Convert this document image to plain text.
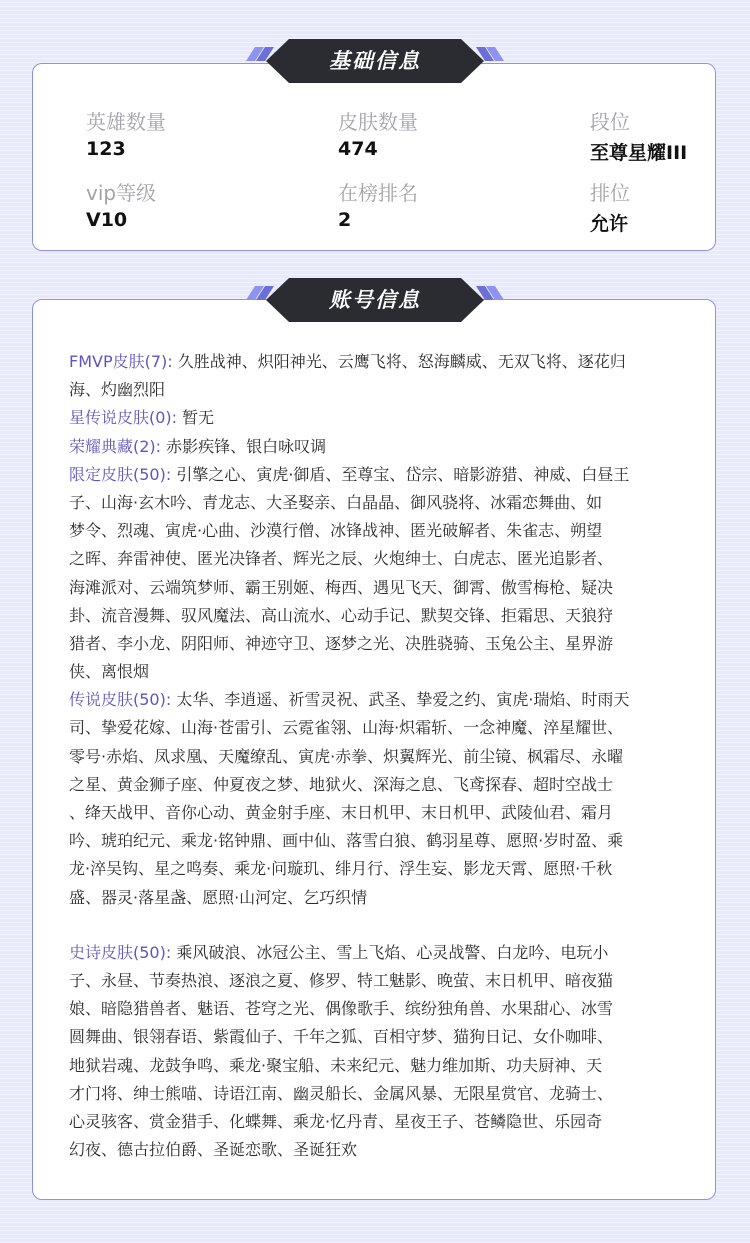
基础信息
英雄数量
123
皮肤数量
474
段位
至尊星耀III
vip等级
V10
在榜排名
2
排位
允许
FMVP皮肤(7): 久胜战神、炽阳神光、云鹰飞将、怒海麟威、无双飞将、逐花归
海、灼幽烈阳
星传说皮肤(0): 暂无
荣耀典藏(2): 赤影疾锋、银白咏叹调
限定皮肤(50): 引擎之心、寅虎·御盾、至尊宝、岱宗、暗影游猎、神威、白昼王
子、山海·玄木吟、青龙志、大圣娶亲、白晶晶、御风骁将、冰霜恋舞曲、如
梦令、烈魂、寅虎·心曲、沙漠行僧、冰锋战神、匿光破解者、朱雀志、朔望
之晖、奔雷神使、匿光决锋者、辉光之辰、火炮绅士、白虎志、匿光追影者、
海滩派对、云端筑梦师、霸王别姬、梅西、遇见飞天、御霄、傲雪梅枪、疑决
卦、流音漫舞、驭风魔法、高山流水、心动手记、默契交锋、拒霜思、天狼狩
猎者、李小龙、阴阳师、神迹守卫、逐梦之光、决胜骁骑、玉兔公主、星界游
侠、离恨烟
传说皮肤(50): 太华、李逍遥、祈雪灵祝、武圣、挚爱之约、寅虎·瑞焰、时雨天
司、挚爱花嫁、山海·苍雷引、云霓雀翎、山海·炽霜斩、一念神魔、淬星耀世、
零号·赤焰、凤求凰、天魔缭乱、寅虎·赤拳、炽翼辉光、前尘镜、枫霜尽、永曜
之星、黄金狮子座、仲夏夜之梦、地狱火、深海之息、飞鸢探春、超时空战士
、绛天战甲、音你心动、黄金射手座、末日机甲、末日机甲、武陵仙君、霜月
吟、琥珀纪元、乘龙·铭钟鼎、画中仙、落雪白狼、鹤羽星尊、愿照·岁时盈、乘
龙·淬吴钩、星之鸣奏、乘龙·问璇玑、绯月行、浮生妄、影龙天霄、愿照·千秋
盛、器灵·落星盏、愿照·山河定、乞巧织情
史诗皮肤(50): 乘风破浪、冰冠公主、雪上飞焰、心灵战警、白龙吟、电玩小
子、永昼、节奏热浪、逐浪之夏、修罗、特工魅影、晚萤、末日机甲、暗夜猫
娘、暗隐猎兽者、魅语、苍穹之光、偶像歌手、缤纷独角兽、水果甜心、冰雪
圆舞曲、银翎春语、紫霞仙子、千年之狐、百相守梦、猫狗日记、女仆咖啡、
地狱岩魂、龙鼓争鸣、乘龙·聚宝船、未来纪元、魅力维加斯、功夫厨神、天
才门将、绅士熊喵、诗语江南、幽灵船长、金属风暴、无限星赏官、龙骑士、
心灵骇客、赏金猎手、化蝶舞、乘龙·忆丹青、星夜王子、苍鳞隐世、乐园奇
幻夜、德古拉伯爵、圣诞恋歌、圣诞狂欢
账号信息
